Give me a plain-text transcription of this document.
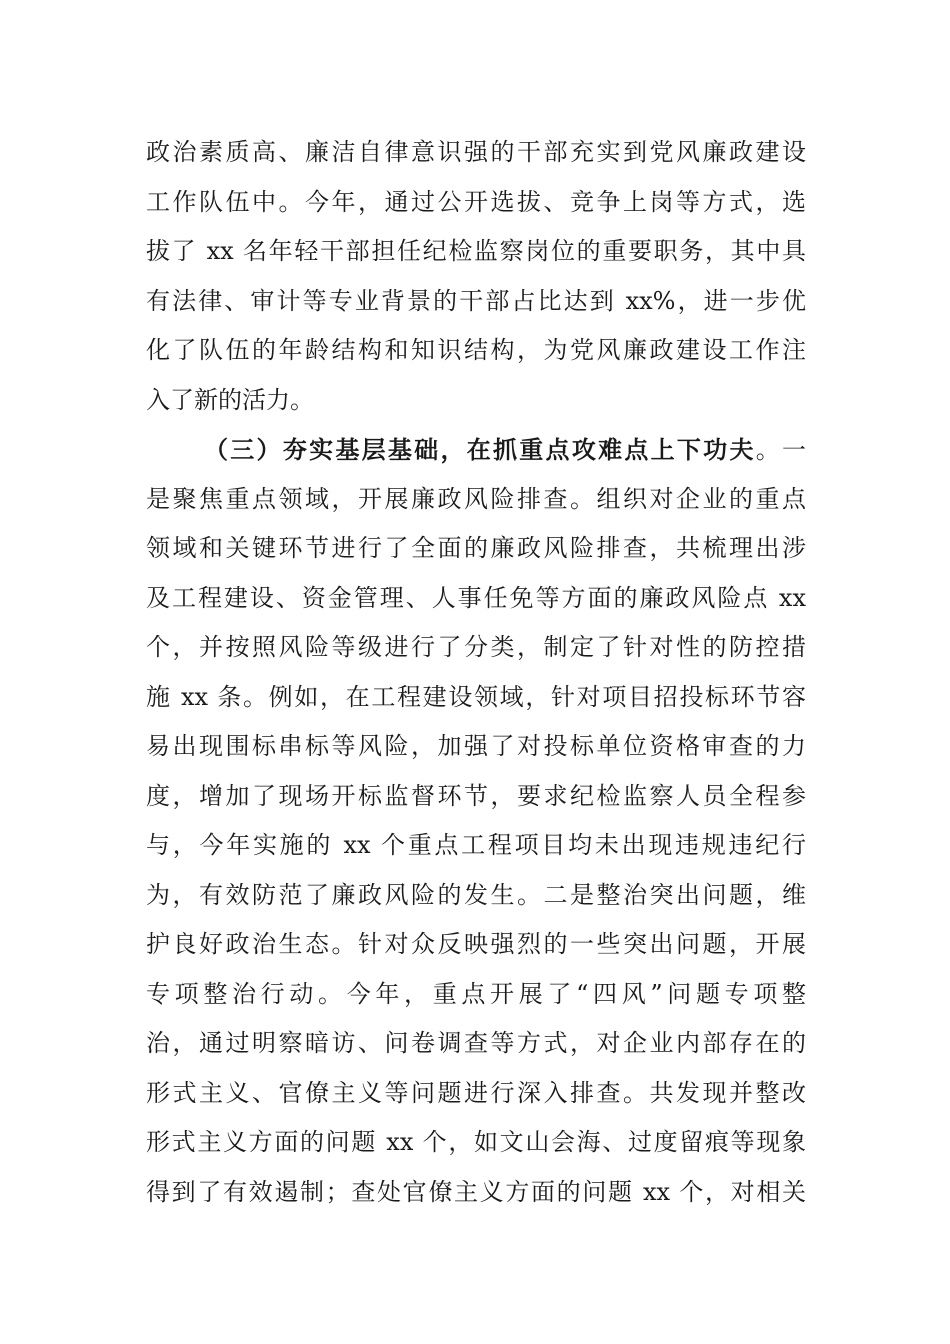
政治素质高、廉洁自律意识强的干部充实到党风廉政建设
工作队伍中。今年，通过公开选拔、竞争上岗等方式，选
拔了 xx 名年轻干部担任纪检监察岗位的重要职务，其中具
有法律、审计等专业背景的干部占比达到 xx%，进一步优
化了队伍的年龄结构和知识结构，为党风廉政建设工作注
入了新的活力。
（三）夯实基层基础，在抓重点攻难点上下功夫。一
是聚焦重点领域，开展廉政风险排查。组织对企业的重点
领域和关键环节进行了全面的廉政风险排查，共梳理出涉
及工程建设、资金管理、人事任免等方面的廉政风险点 xx
个，并按照风险等级进行了分类，制定了针对性的防控措
施 xx 条。例如，在工程建设领域，针对项目招投标环节容
易出现围标串标等风险，加强了对投标单位资格审查的力
度，增加了现场开标监督环节，要求纪检监察人员全程参
与，今年实施的 xx 个重点工程项目均未出现违规违纪行
为，有效防范了廉政风险的发生。二是整治突出问题，维
护良好政治生态。针对众反映强烈的一些突出问题，开展
专项整治行动。今年，重点开展了“四风”问题专项整
治，通过明察暗访、问卷调查等方式，对企业内部存在的
形式主义、官僚主义等问题进行深入排查。共发现并整改
形式主义方面的问题 xx 个，如文山会海、过度留痕等现象
得到了有效遏制；查处官僚主义方面的问题 xx 个，对相关
